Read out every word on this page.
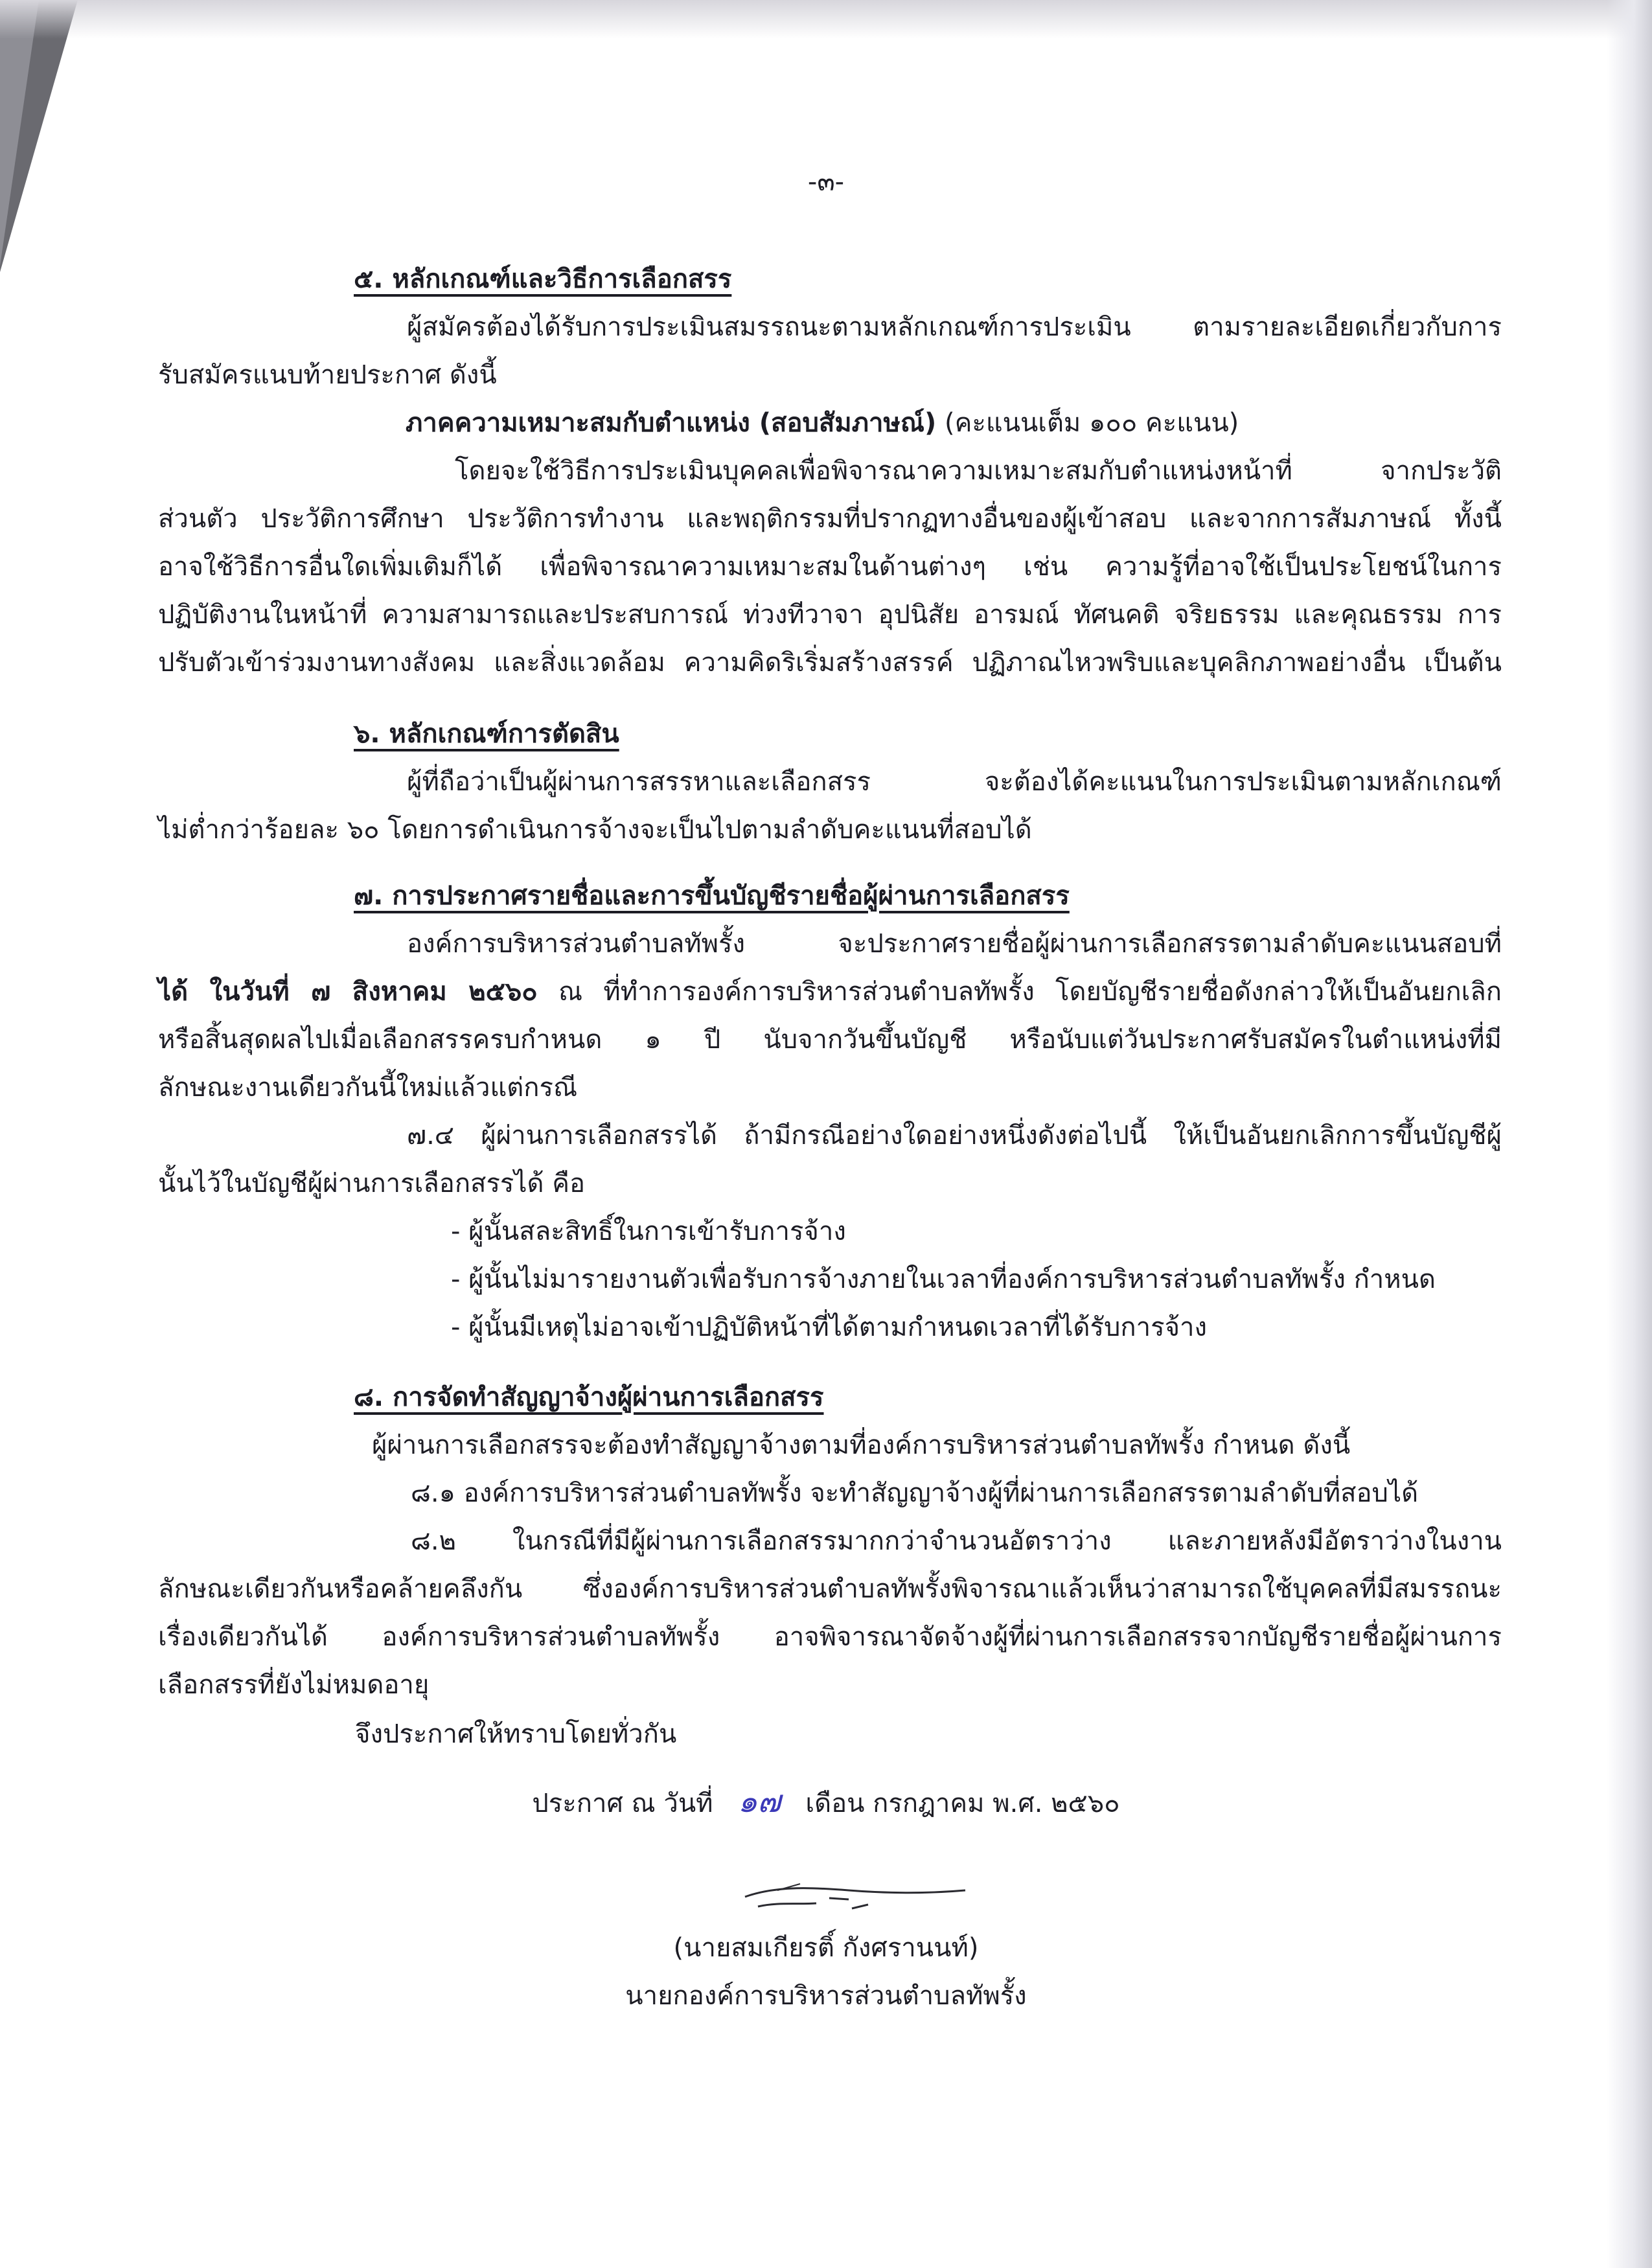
-๓-

๕. หลักเกณฑ์และวิธีการเลือกสรร

ผู้สมัครต้องได้รับการประเมินสมรรถนะตามหลักเกณฑ์การประเมิน ตามรายละเอียดเกี่ยวกับการ

รับสมัครแนบท้ายประกาศ ดังนี้

ภาคความเหมาะสมกับตำแหน่ง (สอบสัมภาษณ์) (คะแนนเต็ม ๑๐๐ คะแนน)

โดยจะใช้วิธีการประเมินบุคคลเพื่อพิจารณาความเหมาะสมกับตำแหน่งหน้าที่ จากประวัติ

ส่วนตัว ประวัติการศึกษา ประวัติการทำงาน และพฤติกรรมที่ปรากฏทางอื่นของผู้เข้าสอบ และจากการสัมภาษณ์ ทั้งนี้

อาจใช้วิธีการอื่นใดเพิ่มเติมก็ได้ เพื่อพิจารณาความเหมาะสมในด้านต่างๆ เช่น ความรู้ที่อาจใช้เป็นประโยชน์ในการ

ปฏิบัติงานในหน้าที่ ความสามารถและประสบการณ์ ท่วงทีวาจา อุปนิสัย อารมณ์ ทัศนคติ จริยธรรม และคุณธรรม การ

ปรับตัวเข้าร่วมงานทางสังคม และสิ่งแวดล้อม ความคิดริเริ่มสร้างสรรค์ ปฏิภาณไหวพริบและบุคลิกภาพอย่างอื่น เป็นต้น

๖. หลักเกณฑ์การตัดสิน

ผู้ที่ถือว่าเป็นผู้ผ่านการสรรหาและเลือกสรร จะต้องได้คะแนนในการประเมินตามหลักเกณฑ์

ไม่ต่ำกว่าร้อยละ ๖๐ โดยการดำเนินการจ้างจะเป็นไปตามลำดับคะแนนที่สอบได้

๗. การประกาศรายชื่อและการขึ้นบัญชีรายชื่อผู้ผ่านการเลือกสรร

องค์การบริหารส่วนตำบลทัพรั้ง จะประกาศรายชื่อผู้ผ่านการเลือกสรรตามลำดับคะแนนสอบที่

ได้ ในวันที่ ๗ สิงหาคม ๒๕๖๐ ณ ที่ทำการองค์การบริหารส่วนตำบลทัพรั้ง โดยบัญชีรายชื่อดังกล่าวให้เป็นอันยกเลิก

หรือสิ้นสุดผลไปเมื่อเลือกสรรครบกำหนด ๑ ปี นับจากวันขึ้นบัญชี หรือนับแต่วันประกาศรับสมัครในตำแหน่งที่มี

ลักษณะงานเดียวกันนี้ใหม่แล้วแต่กรณี

๗.๔ ผู้ผ่านการเลือกสรรได้ ถ้ามีกรณีอย่างใดอย่างหนึ่งดังต่อไปนี้ ให้เป็นอันยกเลิกการขึ้นบัญชีผู้

นั้นไว้ในบัญชีผู้ผ่านการเลือกสรรได้ คือ

- ผู้นั้นสละสิทธิ์ในการเข้ารับการจ้าง

- ผู้นั้นไม่มารายงานตัวเพื่อรับการจ้างภายในเวลาที่องค์การบริหารส่วนตำบลทัพรั้ง กำหนด

- ผู้นั้นมีเหตุไม่อาจเข้าปฏิบัติหน้าที่ได้ตามกำหนดเวลาที่ได้รับการจ้าง

๘. การจัดทำสัญญาจ้างผู้ผ่านการเลือกสรร

ผู้ผ่านการเลือกสรรจะต้องทำสัญญาจ้างตามที่องค์การบริหารส่วนตำบลทัพรั้ง กำหนด ดังนี้

๘.๑ องค์การบริหารส่วนตำบลทัพรั้ง จะทำสัญญาจ้างผู้ที่ผ่านการเลือกสรรตามลำดับที่สอบได้

๘.๒ ในกรณีที่มีผู้ผ่านการเลือกสรรมากกว่าจำนวนอัตราว่าง และภายหลังมีอัตราว่างในงาน

ลักษณะเดียวกันหรือคล้ายคลึงกัน ซึ่งองค์การบริหารส่วนตำบลทัพรั้งพิจารณาแล้วเห็นว่าสามารถใช้บุคคลที่มีสมรรถนะ

เรื่องเดียวกันได้ องค์การบริหารส่วนตำบลทัพรั้ง อาจพิจารณาจัดจ้างผู้ที่ผ่านการเลือกสรรจากบัญชีรายชื่อผู้ผ่านการ

เลือกสรรที่ยังไม่หมดอายุ

จึงประกาศให้ทราบโดยทั่วกัน

ประกาศ ณ วันที่ ๑๗ เดือน กรกฎาคม พ.ศ. ๒๕๖๐

(นายสมเกียรติ์ กังศรานนท์)

นายกองค์การบริหารส่วนตำบลทัพรั้ง
